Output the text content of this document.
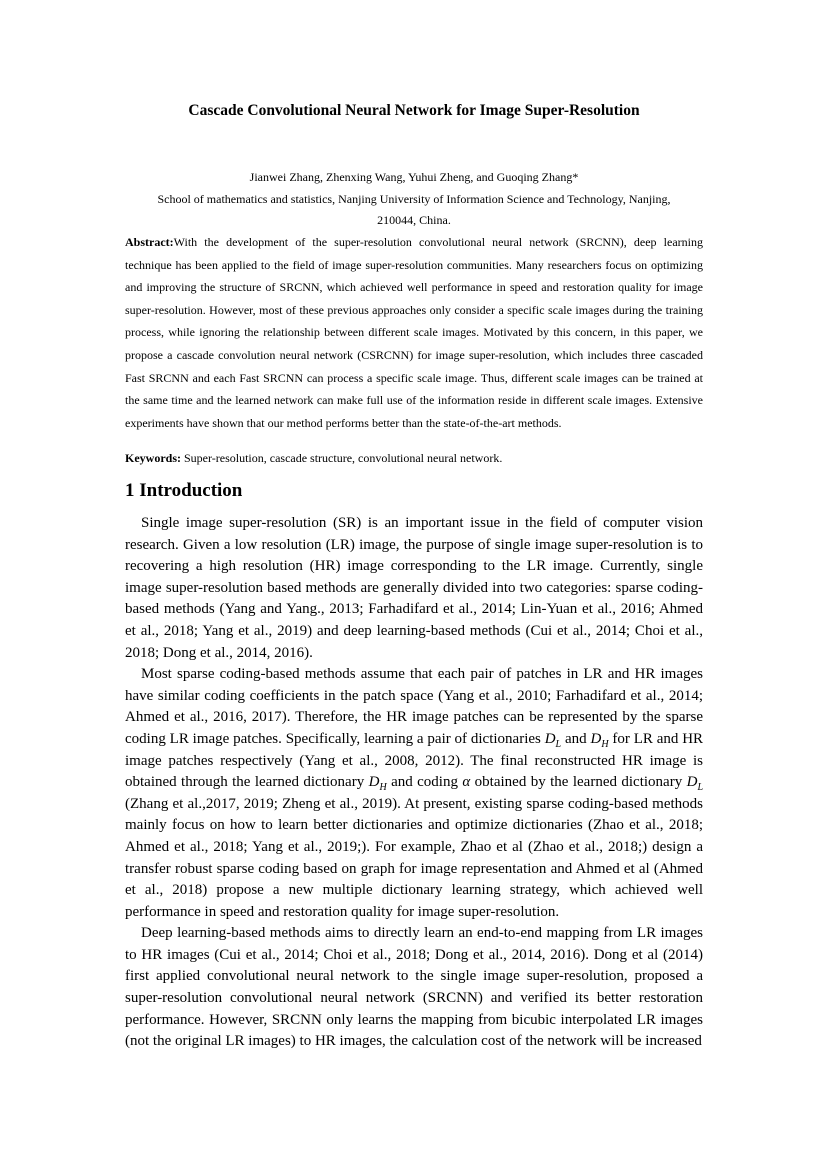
Cascade Convolutional Neural Network for Image Super-Resolution
Jianwei Zhang, Zhenxing Wang, Yuhui Zheng, and Guoqing Zhang*
School of mathematics and statistics, Nanjing University of Information Science and Technology, Nanjing,
210044, China.

Abstract:With the development of the super-resolution convolutional neural network (SRCNN), deep learning technique has been applied to the field of image super-resolution communities. Many researchers focus on optimizing and improving the structure of SRCNN, which achieved well performance in speed and restoration quality for image super-resolution. However, most of these previous approaches only consider a specific scale images during the training process, while ignoring the relationship between different scale images. Motivated by this concern, in this paper, we propose a cascade convolution neural network (CSRCNN) for image super-resolution, which includes three cascaded Fast SRCNN and each Fast SRCNN can process a specific scale image. Thus, different scale images can be trained at the same time and the learned network can make full use of the information reside in different scale images. Extensive experiments have shown that our method performs better than the state-of-the-art methods.

Keywords: Super-resolution, cascade structure, convolutional neural network.

1 Introduction

Single image super-resolution (SR) is an important issue in the field of computer vision research. Given a low resolution (LR) image, the purpose of single image super-resolution is to recovering a high resolution (HR) image corresponding to the LR image. Currently, single image super-resolution based methods are generally divided into two categories: sparse coding-based methods (Yang and Yang., 2013; Farhadifard et al., 2014; Lin-Yuan et al., 2016; Ahmed et al., 2018; Yang et al., 2019) and deep learning-based methods (Cui et al., 2014; Choi et al., 2018; Dong et al., 2014, 2016).

Most sparse coding-based methods assume that each pair of patches in LR and HR images have similar coding coefficients in the patch space (Yang et al., 2010; Farhadifard et al., 2014; Ahmed et al., 2016, 2017). Therefore, the HR image patches can be represented by the sparse coding LR image patches. Specifically, learning a pair of dictionaries $D_L$ and $D_H$ for LR and HR image patches respectively (Yang et al., 2008, 2012). The final reconstructed HR image is obtained through the learned dictionary $D_H$ and coding α obtained by the learned dictionary $D_L$ (Zhang et al.,2017, 2019; Zheng et al., 2019). At present, existing sparse coding-based methods mainly focus on how to learn better dictionaries and optimize dictionaries (Zhao et al., 2018; Ahmed et al., 2018; Yang et al., 2019;). For example, Zhao et al (Zhao et al., 2018;) design a transfer robust sparse coding based on graph for image representation and Ahmed et al (Ahmed et al., 2018) propose a new multiple dictionary learning strategy, which achieved well performance in speed and restoration quality for image super-resolution.

Deep learning-based methods aims to directly learn an end-to-end mapping from LR images to HR images (Cui et al., 2014; Choi et al., 2018; Dong et al., 2014, 2016). Dong et al (2014) first applied convolutional neural network to the single image super-resolution, proposed a super-resolution convolutional neural network (SRCNN) and verified its better restoration performance. However, SRCNN only learns the mapping from bicubic interpolated LR images (not the original LR images) to HR images, the calculation cost of the network will be increased
